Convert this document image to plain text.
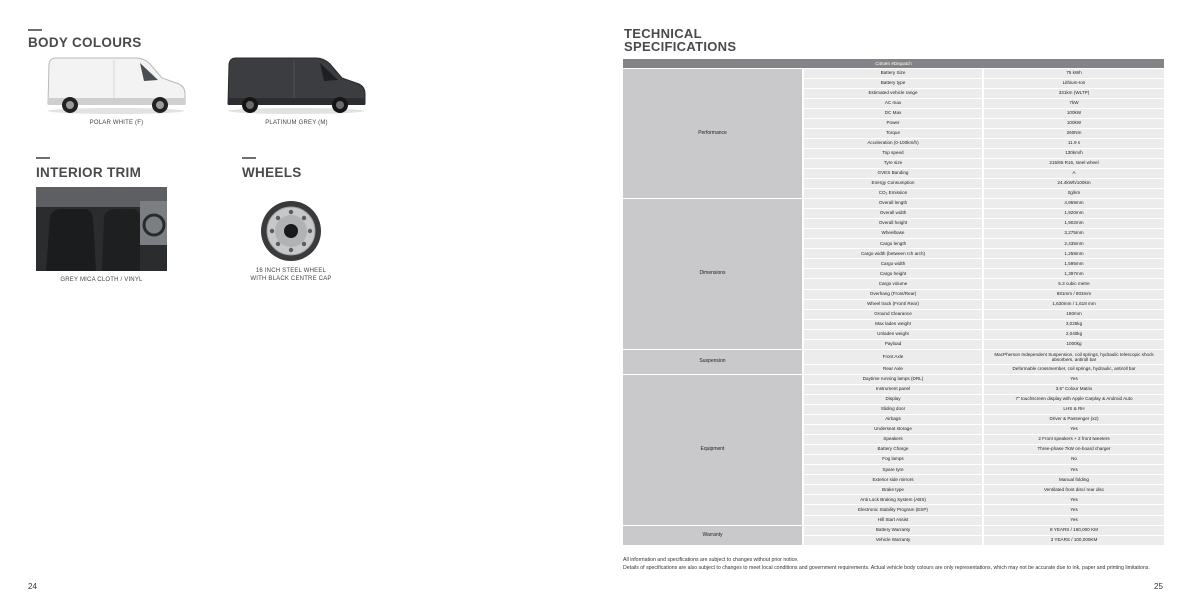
BODY COLOURS
POLAR WHITE (F)	PLATINUM GREY (M)
INTERIOR TRIM
GREY MICA CLOTH / VINYL
WHEELS
16 INCH STEEL WHEEL
WITH BLACK CENTRE CAP
24
TECHNICAL
SPECIFICATIONS
Citroën ëDispatch		
Performance	Battery Size	75 kWh
	Battery type	Lithium-Ion
	Estimated vehicle range	331km (WLTP)
	AC max	7kW
	DC Max	100kW
	Power	100kW
	Torque	260Nm
	Acceleration (0-100km/h)	11.9 s
	Top speed	130km/h
	Tyre size	215/65 R16, steel wheel
	GVES Banding	A
	Energy Consumption	24.4kWh/100km
	CO₂ Emission	0g/km
Dimensions	Overall length	4,959mm
	Overall width	1,920mm
	Overall height	1,902mm
	Wheelbase	3,275mm
	Cargo length	2,435mm
	Cargo width (between rch arch)	1,258mm
	Cargo width	1,595mm
	Cargo height	1,397mm
	Cargo volume	5.3 cubic metre
	Overhang (Front/Rear)	881mm / 803mm
	Wheel track (Front/ Rear)	1,630mm / 1,618 mm
	Ground Clearance	180mm
	Max laden weight	3,025kg
	Unladen weight	2,040kg
	Payload	1000kg
Suspension	Front Axle	MacPherson Independent Suspension, coil springs, hydraulic telescopic shock absorbers, antiroll bar
	Rear Axle	Deformable crossmember, coil springs, hydraulic, antiroll bar
Equipment	Daytime running lamps (DRL)	Yes
	Instrument panel	3.5" Colour Matrix
	Display	7" touchscreen display with Apple Carplay & Android Auto
	Sliding door	LHS & RH
	Airbags	Driver & Passenger (x2)
	Underseat storage	Yes
	Speakers	2 Front speakers + 2 front tweeters
	Battery Charge	Three-phase 7kW on-board charger
	Fog lamps	No
	Spare tyre	Yes
	Exterior side mirrors	Manual folding
	Brake type	Ventilated front disc/ rear disc
	Anti Lock Braking System (ABS)	Yes
	Electronic Stability Program (ESP)	Yes
	Hill Start Assist	Yes
Warranty	Battery Warranty	8 YEARS / 160,000 KM
	Vehicle Warranty	3 YEARS / 100,000KM
All information and specifications are subject to changes without prior notice.
Details of specifications are also subject to changes to meet local conditions and government requirements. Actual vehicle body colours are only representations, which may not be accurate due to ink, paper and printing limitations.
25
